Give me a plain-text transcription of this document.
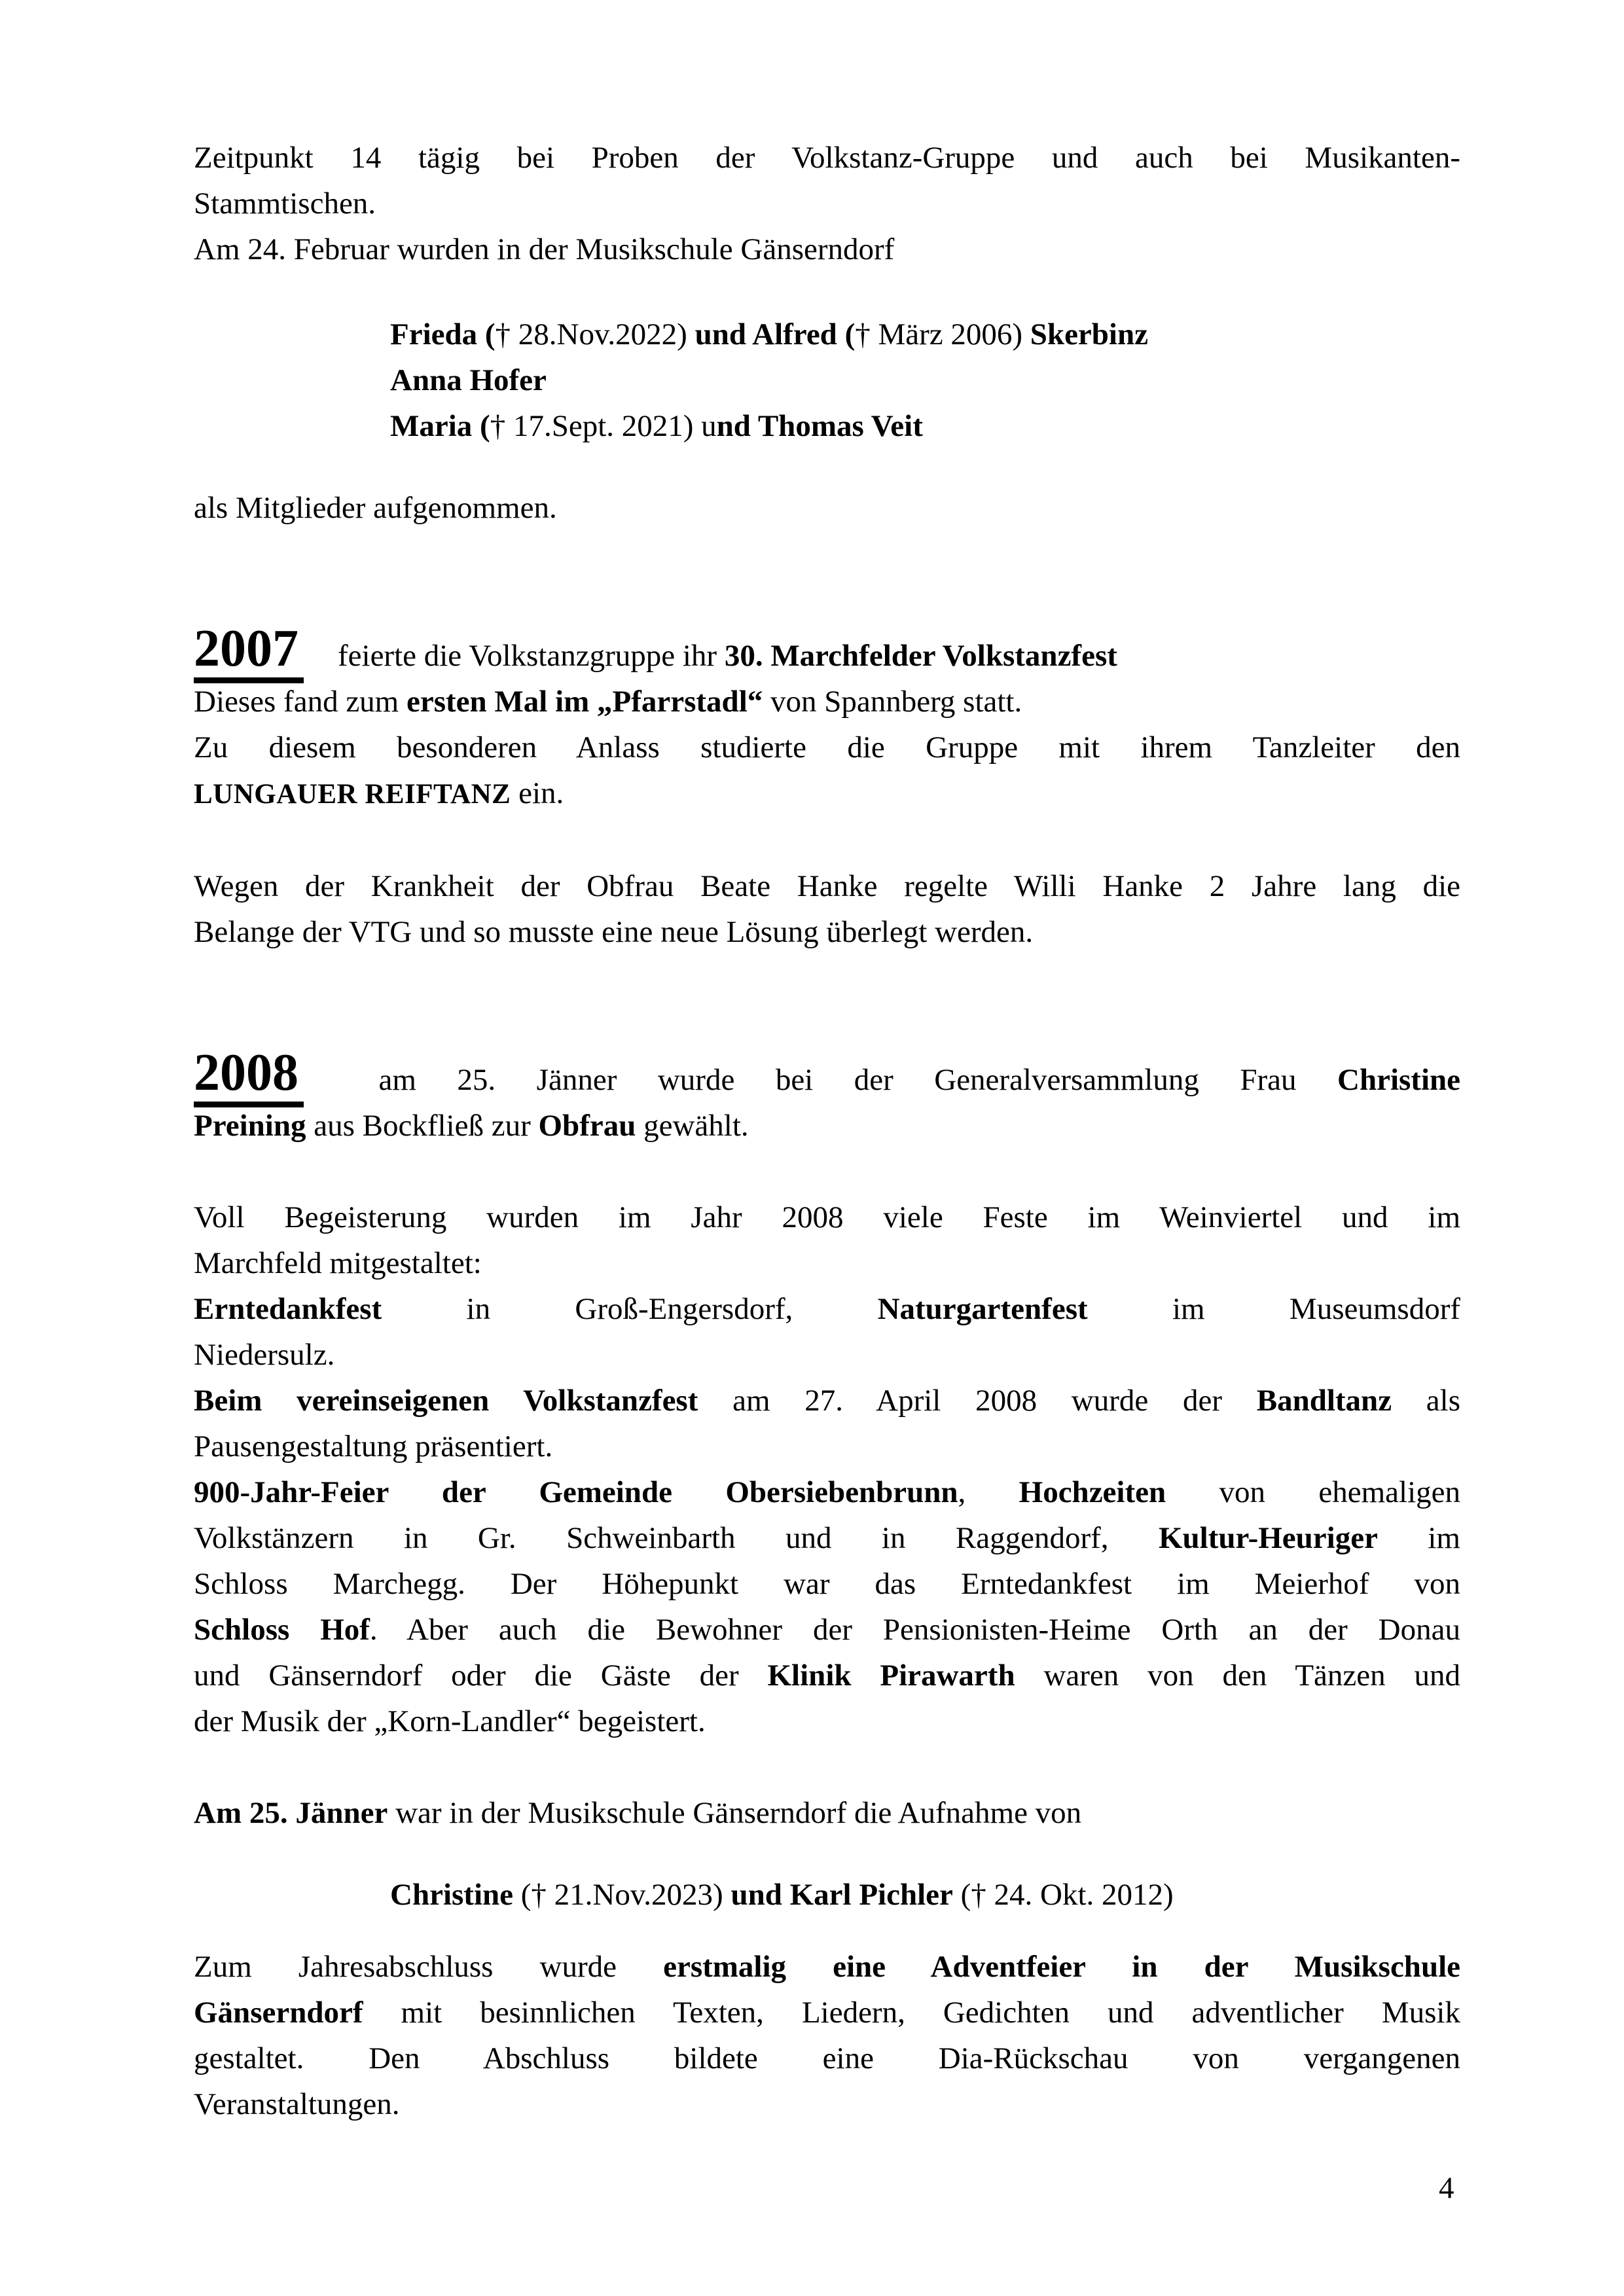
Zeitpunkt 14 tägig bei Proben der Volkstanz-Gruppe und auch bei Musikanten-
Stammtischen.
Am 24. Februar wurden in der Musikschule Gänserndorf
Frieda († 28.Nov.2022) und Alfred († März 2006) Skerbinz
Anna Hofer
Maria († 17.Sept. 2021) und Thomas Veit
als Mitglieder aufgenommen.
2007 feierte die Volkstanzgruppe ihr 30. Marchfelder Volkstanzfest
Dieses fand zum ersten Mal im „Pfarrstadl“ von Spannberg statt.
Zu diesem besonderen Anlass studierte die Gruppe mit ihrem Tanzleiter den
LUNGAUER REIFTANZ ein.
Wegen der Krankheit der Obfrau Beate Hanke regelte Willi Hanke 2 Jahre lang die
Belange der VTG und so musste eine neue Lösung überlegt werden.
2008 am 25. Jänner wurde bei der Generalversammlung Frau Christine
Preining aus Bockfließ zur Obfrau gewählt.
Voll Begeisterung wurden im Jahr 2008 viele Feste im Weinviertel und im
Marchfeld mitgestaltet:
Erntedankfest in Groß-Engersdorf, Naturgartenfest im Museumsdorf
Niedersulz.
Beim vereinseigenen Volkstanzfest am 27. April 2008 wurde der Bandltanz als
Pausengestaltung präsentiert.
900-Jahr-Feier der Gemeinde Obersiebenbrunn, Hochzeiten von ehemaligen
Volkstänzern in Gr. Schweinbarth und in Raggendorf, Kultur-Heuriger im
Schloss Marchegg. Der Höhepunkt war das Erntedankfest im Meierhof von
Schloss Hof. Aber auch die Bewohner der Pensionisten-Heime Orth an der Donau
und Gänserndorf oder die Gäste der Klinik Pirawarth waren von den Tänzen und
der Musik der „Korn-Landler“ begeistert.
Am 25. Jänner war in der Musikschule Gänserndorf die Aufnahme von
Christine († 21.Nov.2023) und Karl Pichler († 24. Okt. 2012)
Zum Jahresabschluss wurde erstmalig eine Adventfeier in der Musikschule
Gänserndorf mit besinnlichen Texten, Liedern, Gedichten und adventlicher Musik
gestaltet. Den Abschluss bildete eine Dia-Rückschau von vergangenen
Veranstaltungen.
4
